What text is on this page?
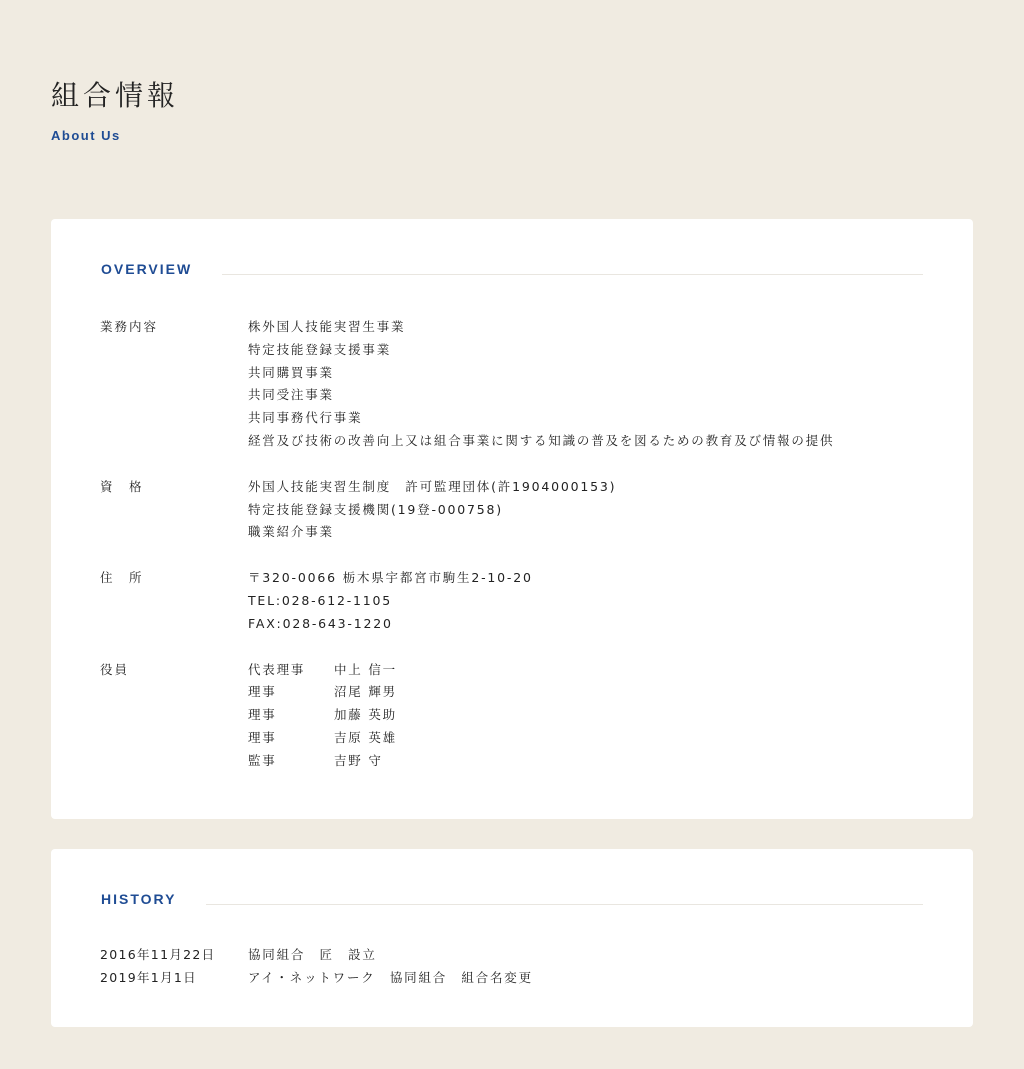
組合情報
About Us
OVERVIEW
業務内容	株外国人技能実習生事業
特定技能登録支援事業
共同購買事業
共同受注事業
共同事務代行事業
経営及び技術の改善向上又は組合事業に関する知識の普及を図るための教育及び情報の提供
資　格	外国人技能実習生制度　許可監理団体(許1904000153)
特定技能登録支援機関(19登-000758)
職業紹介事業
住　所	〒320-0066 栃木県宇都宮市駒生2-10-20
TEL:028-612-1105
FAX:028-643-1220
役員	代表理事	中上 信一
理事	沼尾 輝男
理事	加藤 英助
理事	吉原 英雄
監事	吉野 守
HISTORY
2016年11月22日	協同組合　匠　設立
2019年1月1日	アイ・ネットワーク　協同組合　組合名変更
